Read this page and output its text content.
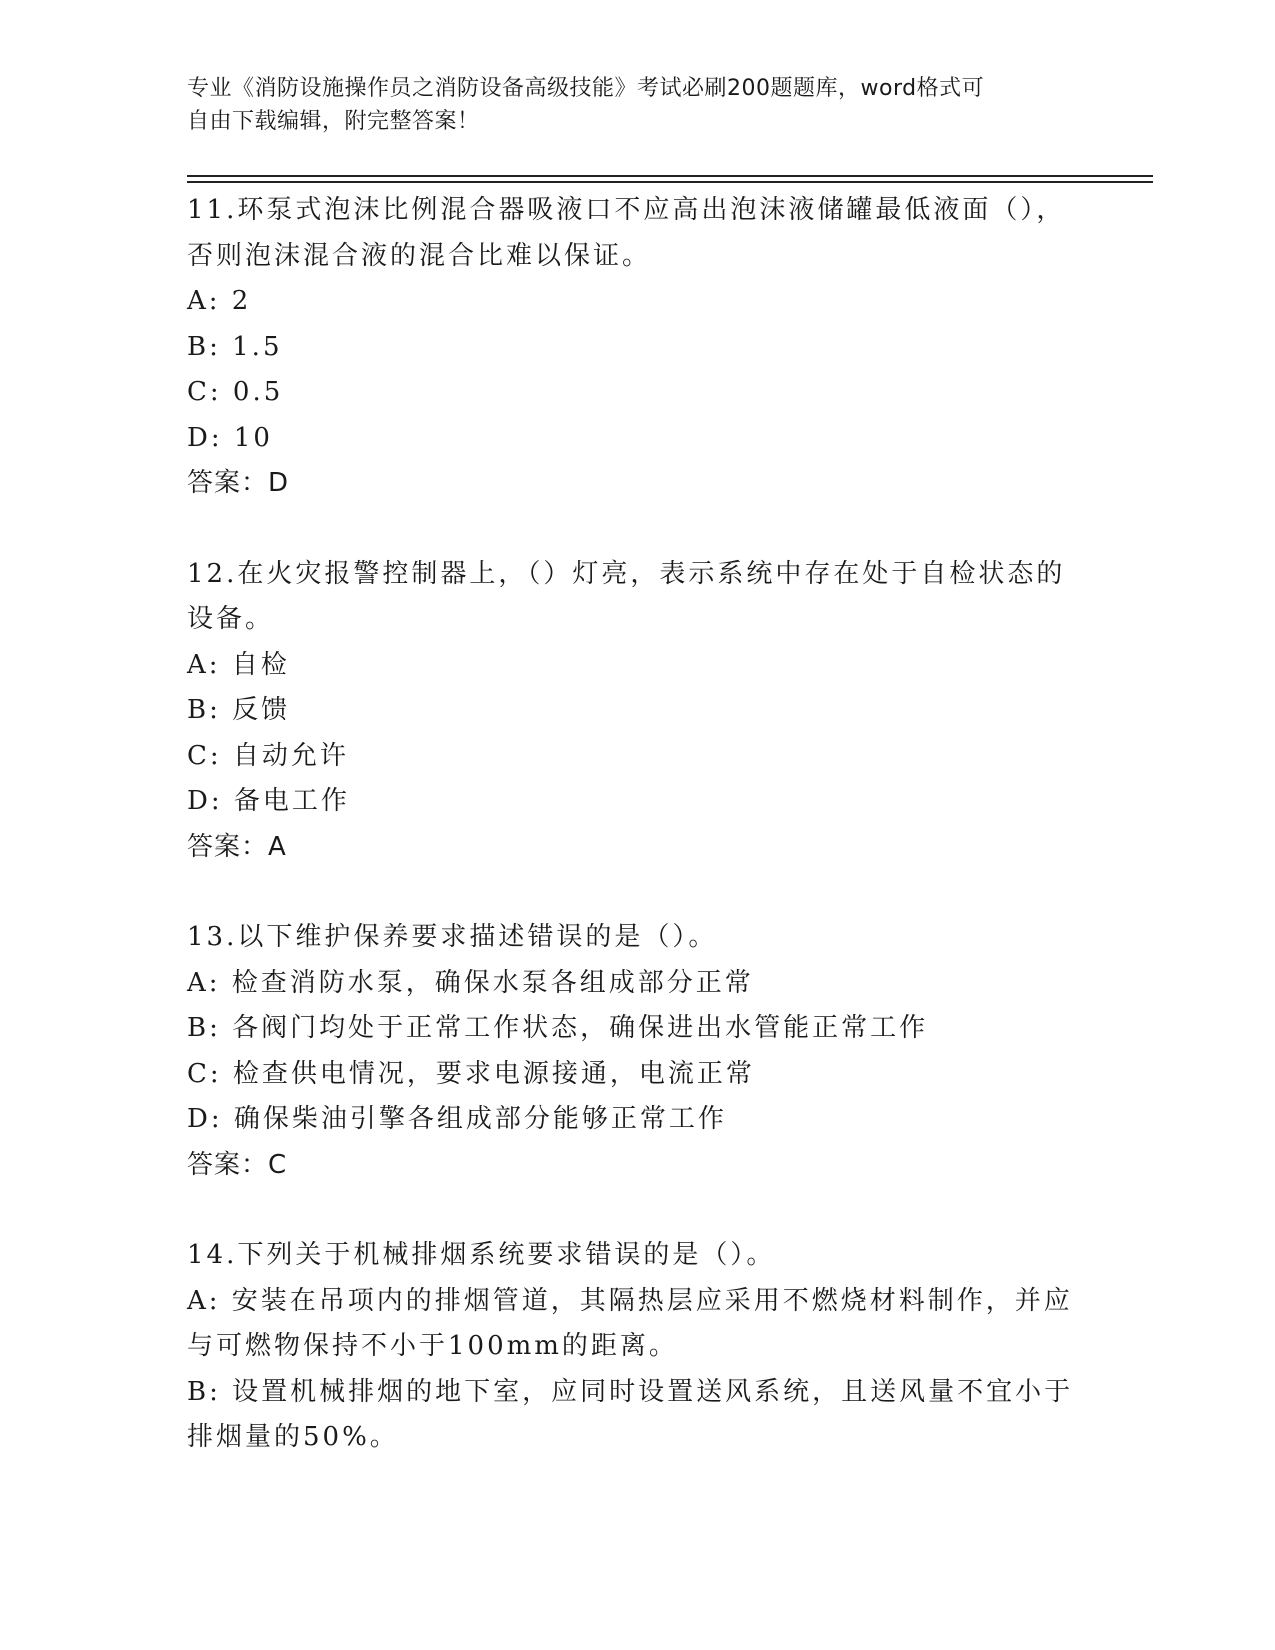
专业《消防设施操作员之消防设备高级技能》考试必刷200题题库，word格式可
自由下载编辑，附完整答案！

11.环泵式泡沫比例混合器吸液口不应高出泡沫液储罐最低液面（），否则泡沫混合液的混合比难以保证。

A: 2

B: 1.5

C: 0.5

D: 10

答案：D

12.在火灾报警控制器上，（）灯亮，表示系统中存在处于自检状态的设备。

A: 自检

B: 反馈

C: 自动允许

D: 备电工作

答案：A

13.以下维护保养要求描述错误的是（）。

A: 检查消防水泵，确保水泵各组成部分正常

B: 各阀门均处于正常工作状态，确保进出水管能正常工作

C: 检查供电情况，要求电源接通，电流正常

D: 确保柴油引擎各组成部分能够正常工作

答案：C

14.下列关于机械排烟系统要求错误的是（）。

A: 安装在吊项内的排烟管道，其隔热层应采用不燃烧材料制作，并应与可燃物保持不小于100mm的距离。

B: 设置机械排烟的地下室，应同时设置送风系统，且送风量不宜小于排烟量的50%。
